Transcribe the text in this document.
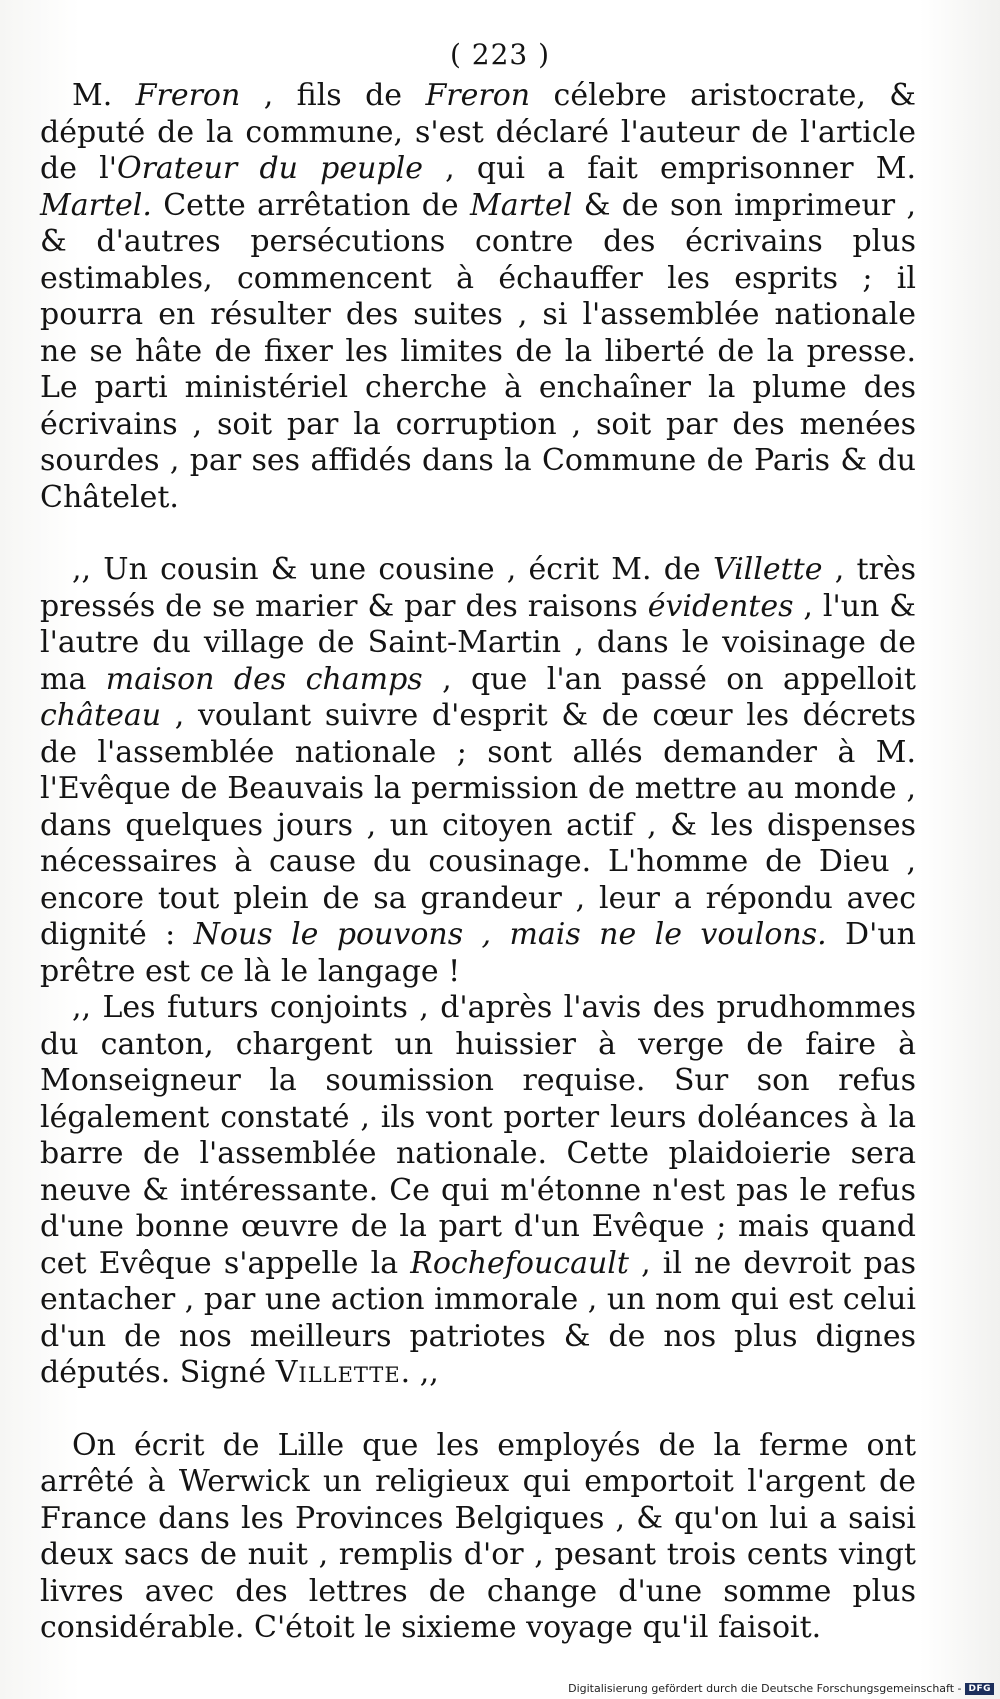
( 223 )

M. Freron , fils de Freron célebre aristocrate, & député de la commune, s'est déclaré l'auteur de l'article de l'Orateur du peuple , qui a fait emprisonner M. Martel. Cette arrêtation de Martel & de son imprimeur , & d'autres persécutions contre des écrivains plus estimables, commencent à échauffer les esprits ; il pourra en résulter des suites , si l'assemblée nationale ne se hâte de fixer les limites de la liberté de la presse. Le parti ministériel cherche à enchaîner la plume des écrivains , soit par la corruption , soit par des menées sourdes , par ses affidés dans la Commune de Paris & du Châtelet.

,, Un cousin & une cousine , écrit M. de Villette , très pressés de se marier & par des raisons évidentes , l'un & l'autre du village de Saint-Martin , dans le voisinage de ma maison des champs , que l'an passé on appelloit château , voulant suivre d'esprit & de cœur les décrets de l'assemblée nationale ; sont allés demander à M. l'Evêque de Beauvais la permission de mettre au monde , dans quelques jours , un citoyen actif , & les dispenses nécessaires à cause du cousinage. L'homme de Dieu , encore tout plein de sa grandeur , leur a répondu avec dignité : Nous le pouvons , mais ne le voulons. D'un prêtre est ce là le langage !

,, Les futurs conjoints , d'après l'avis des prudhommes du canton, chargent un huissier à verge de faire à Monseigneur la soumission requise. Sur son refus légalement constaté , ils vont porter leurs doléances à la barre de l'assemblée nationale. Cette plaidoierie sera neuve & intéressante. Ce qui m'étonne n'est pas le refus d'une bonne œuvre de la part d'un Evêque ; mais quand cet Evêque s'appelle la Rochefoucault , il ne devroit pas entacher , par une action immorale , un nom qui est celui d'un de nos meilleurs patriotes & de nos plus dignes députés. Signé Villette. ,,

On écrit de Lille que les employés de la ferme ont arrêté à Werwick un religieux qui emportoit l'argent de France dans les Provinces Belgiques , & qu'on lui a saisi deux sacs de nuit , remplis d'or , pesant trois cents vingt livres avec des lettres de change d'une somme plus considérable. C'étoit le sixieme voyage qu'il faisoit.

Digitalisierung gefördert durch die Deutsche Forschungsgemeinschaft - DFG
